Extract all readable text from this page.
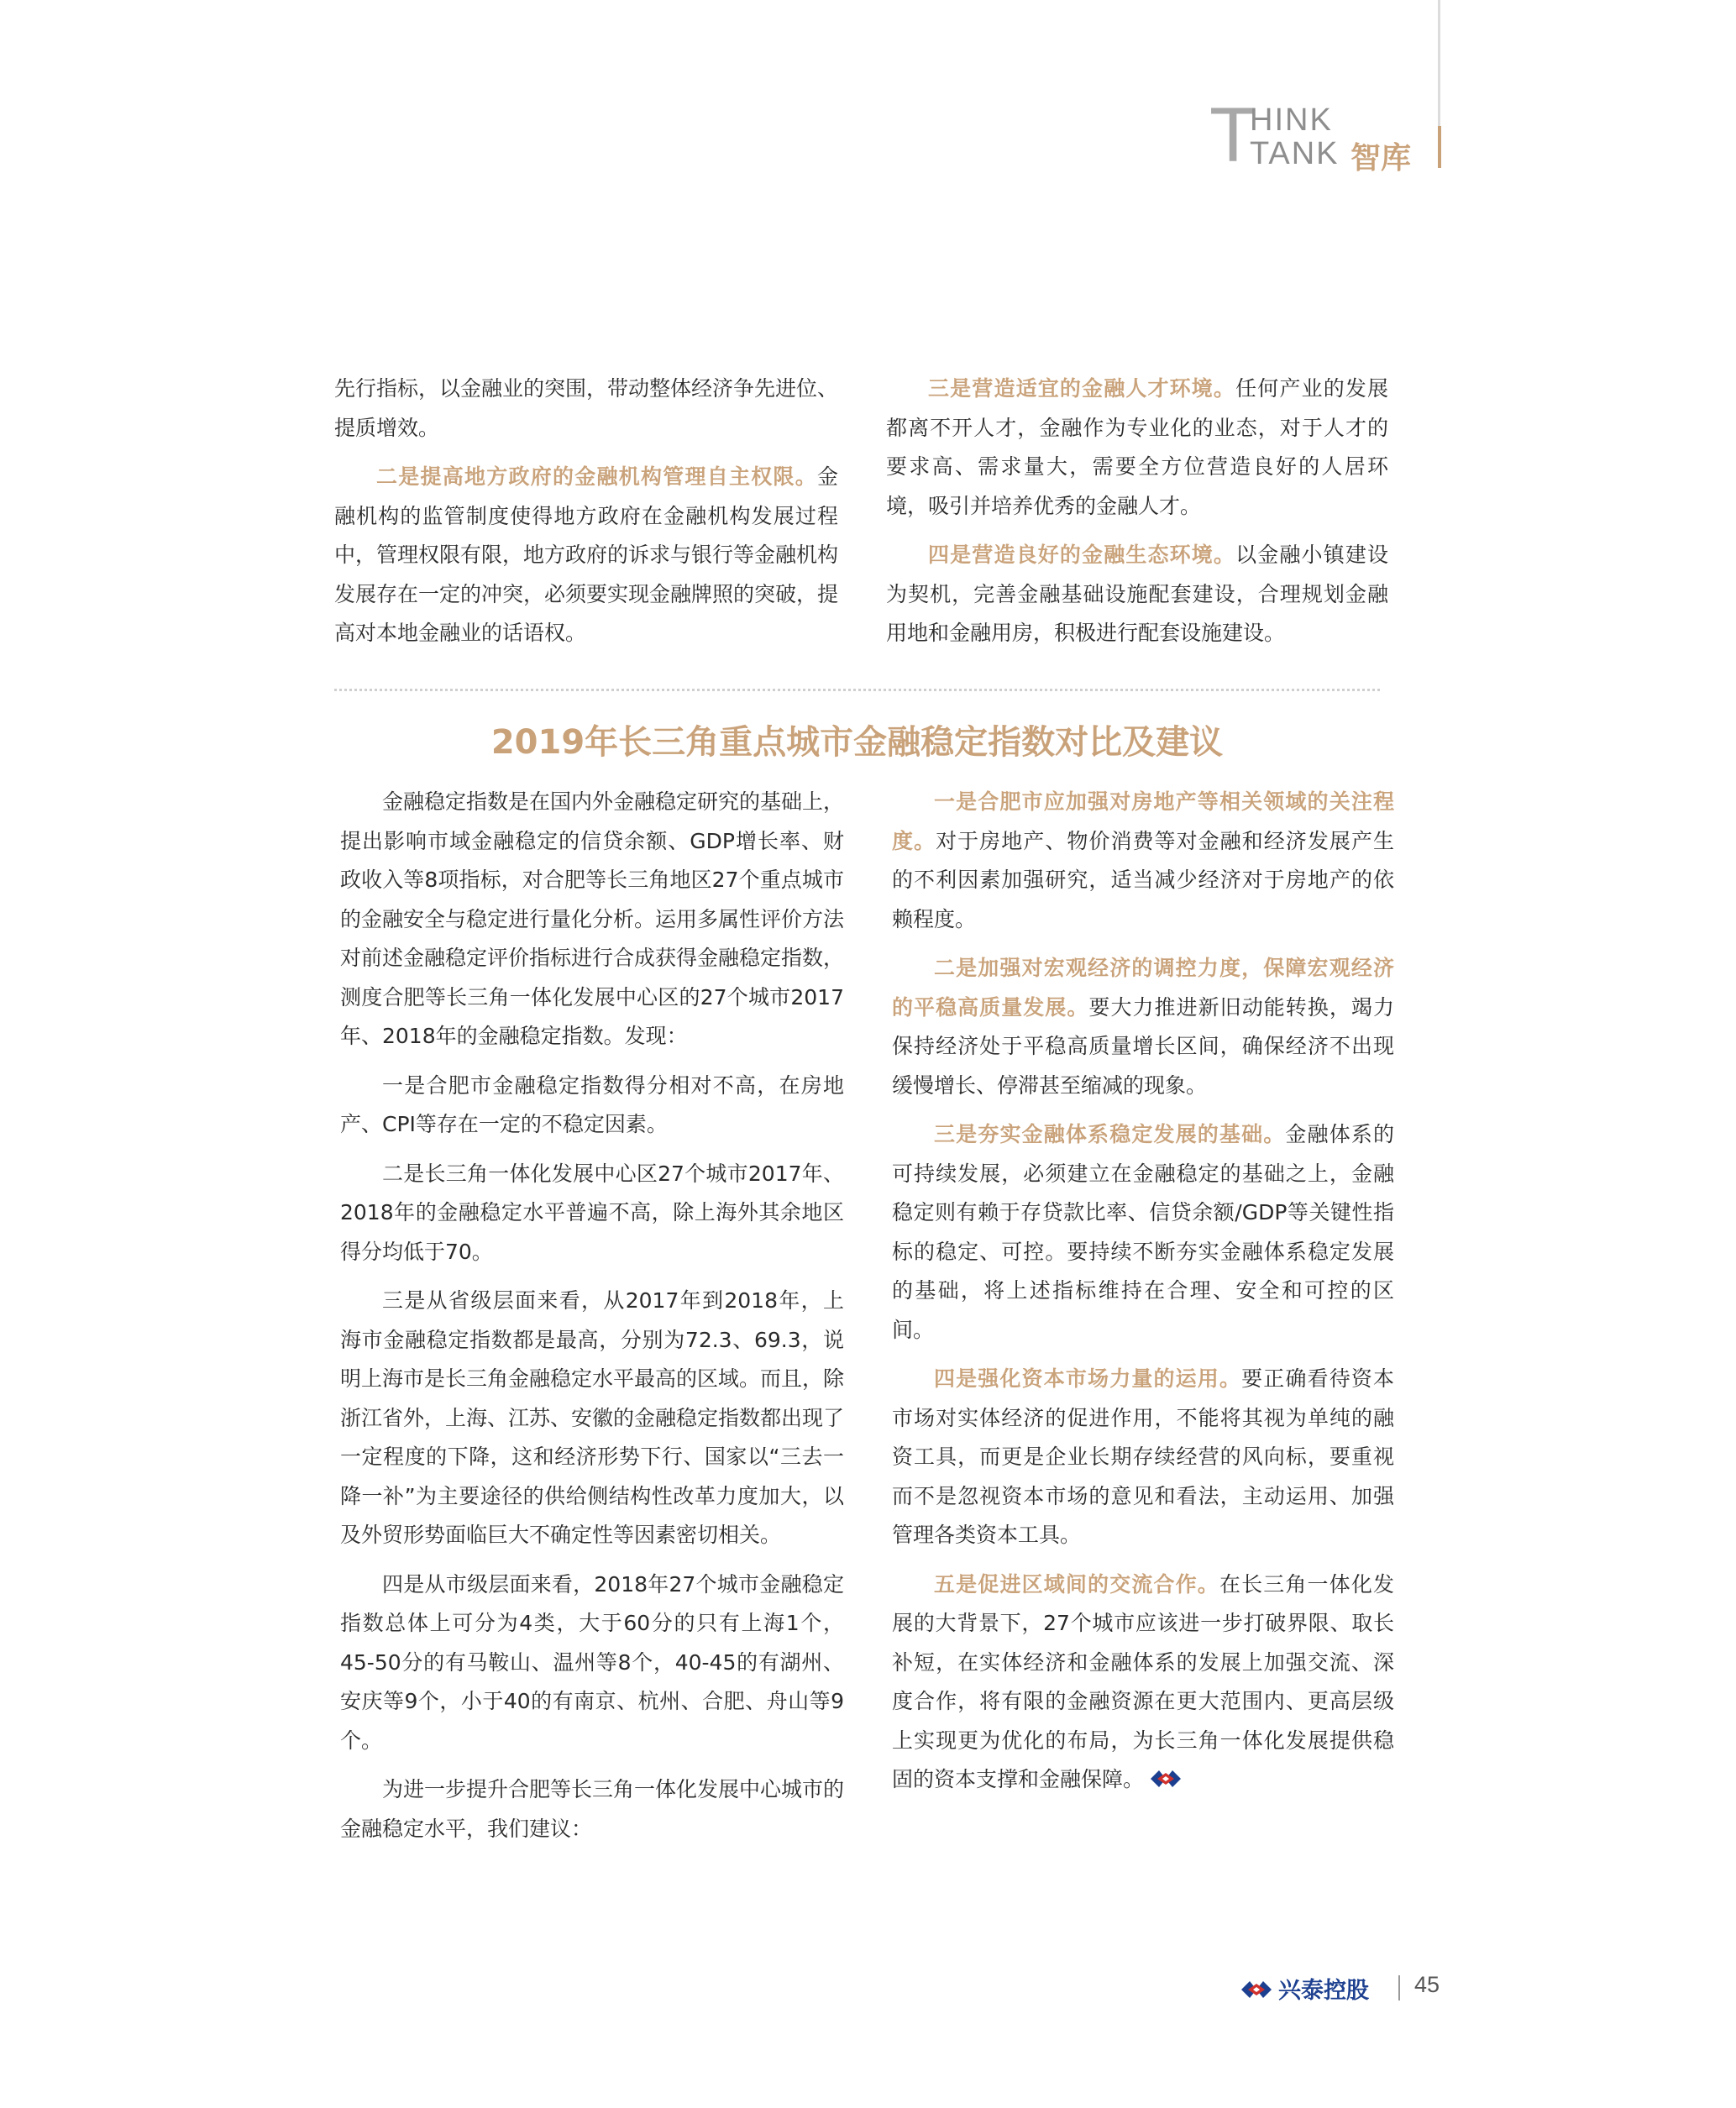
T
HINK
TANK 智库

先行指标，以金融业的突围，带动整体经济争先进位、提质增效。

二是提高地方政府的金融机构管理自主权限。金融机构的监管制度使得地方政府在金融机构发展过程中，管理权限有限，地方政府的诉求与银行等金融机构发展存在一定的冲突，必须要实现金融牌照的突破，提高对本地金融业的话语权。

三是营造适宜的金融人才环境。任何产业的发展都离不开人才，金融作为专业化的业态，对于人才的要求高、需求量大，需要全方位营造良好的人居环境，吸引并培养优秀的金融人才。

四是营造良好的金融生态环境。以金融小镇建设为契机，完善金融基础设施配套建设，合理规划金融用地和金融用房，积极进行配套设施建设。

2019年长三角重点城市金融稳定指数对比及建议

金融稳定指数是在国内外金融稳定研究的基础上，提出影响市域金融稳定的信贷余额、GDP增长率、财政收入等8项指标，对合肥等长三角地区27个重点城市的金融安全与稳定进行量化分析。运用多属性评价方法对前述金融稳定评价指标进行合成获得金融稳定指数，测度合肥等长三角一体化发展中心区的27个城市2017年、2018年的金融稳定指数。发现：

一是合肥市金融稳定指数得分相对不高，在房地产、CPI等存在一定的不稳定因素。

二是长三角一体化发展中心区27个城市2017年、2018年的金融稳定水平普遍不高，除上海外其余地区得分均低于70。

三是从省级层面来看，从2017年到2018年，上海市金融稳定指数都是最高，分别为72.3、69.3，说明上海市是长三角金融稳定水平最高的区域。而且，除浙江省外，上海、江苏、安徽的金融稳定指数都出现了一定程度的下降，这和经济形势下行、国家以“三去一降一补”为主要途径的供给侧结构性改革力度加大，以及外贸形势面临巨大不确定性等因素密切相关。

四是从市级层面来看，2018年27个城市金融稳定指数总体上可分为4类，大于60分的只有上海1个，45-50分的有马鞍山、温州等8个，40-45的有湖州、安庆等9个，小于40的有南京、杭州、合肥、舟山等9个。

为进一步提升合肥等长三角一体化发展中心城市的金融稳定水平，我们建议：

一是合肥市应加强对房地产等相关领域的关注程度。对于房地产、物价消费等对金融和经济发展产生的不利因素加强研究，适当减少经济对于房地产的依赖程度。

二是加强对宏观经济的调控力度，保障宏观经济的平稳高质量发展。要大力推进新旧动能转换，竭力保持经济处于平稳高质量增长区间，确保经济不出现缓慢增长、停滞甚至缩减的现象。

三是夯实金融体系稳定发展的基础。金融体系的可持续发展，必须建立在金融稳定的基础之上，金融稳定则有赖于存贷款比率、信贷余额/GDP等关键性指标的稳定、可控。要持续不断夯实金融体系稳定发展的基础，将上述指标维持在合理、安全和可控的区间。

四是强化资本市场力量的运用。要正确看待资本市场对实体经济的促进作用，不能将其视为单纯的融资工具，而更是企业长期存续经营的风向标，要重视而不是忽视资本市场的意见和看法，主动运用、加强管理各类资本工具。

五是促进区域间的交流合作。在长三角一体化发展的大背景下，27个城市应该进一步打破界限、取长补短，在实体经济和金融体系的发展上加强交流、深度合作，将有限的金融资源在更大范围内、更高层级上实现更为优化的布局，为长三角一体化发展提供稳固的资本支撑和金融保障。

兴泰控股 45
